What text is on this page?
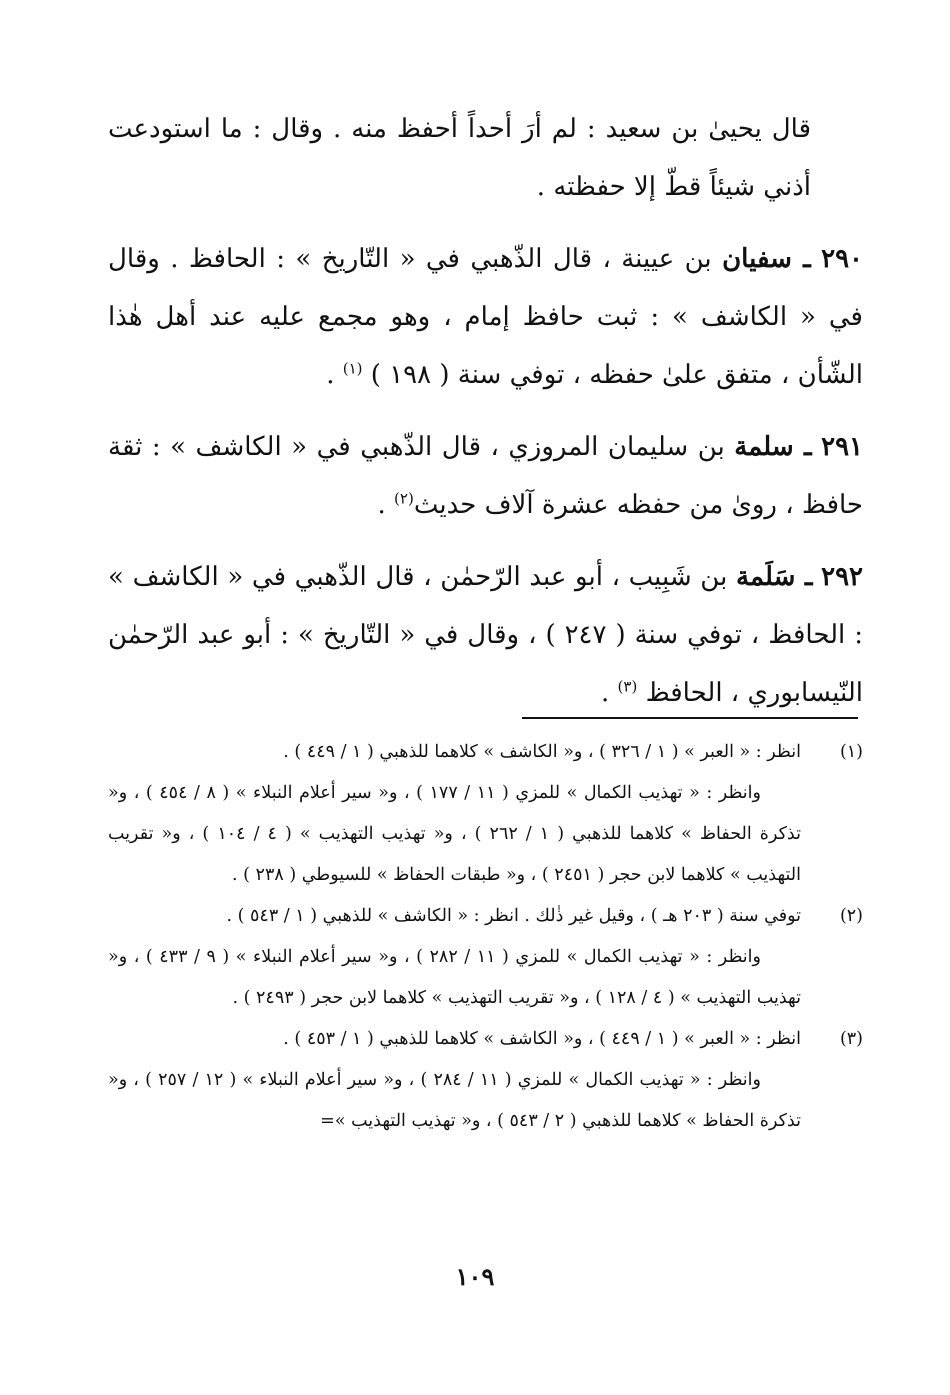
قال يحيىٰ بن سعيد : لم أرَ أحداً أحفظ منه . وقال : ما استودعت أذني شيئاً قطّ إلا حفظته .
٢٩٠ ـ سفيان بن عيينة ، قال الذّهبي في « التّاريخ » : الحافظ . وقال في « الكاشف » : ثبت حافظ إمام ، وهو مجمع عليه عند أهل هٰذا الشّأن ، متفق علىٰ حفظه ، توفي سنة ( ١٩٨ ) $^{(١)}$ .
٢٩١ ـ سلمة بن سليمان المروزي ، قال الذّهبي في « الكاشف » : ثقة حافظ ، روىٰ من حفظه عشرة آلاف حديث$^{(٢)}$ .
٢٩٢ ـ سَلَمة بن شَبِيب ، أبو عبد الرّحمٰن ، قال الذّهبي في « الكاشف » : الحافظ ، توفي سنة ( ٢٤٧ ) ، وقال في « التّاريخ » : أبو عبد الرّحمٰن النّيسابوري ، الحافظ $^{(٣)}$ .
(١)انظر : « العبر » ( ١ / ٣٢٦ ) ، و« الكاشف » كلاهما للذهبي ( ١ / ٤٤٩ ) .
وانظر : « تهذيب الكمال » للمزي ( ١١ / ١٧٧ ) ، و« سير أعلام النبلاء » ( ٨ / ٤٥٤ ) ، و« تذكرة الحفاظ » كلاهما للذهبي ( ١ / ٢٦٢ ) ، و« تهذيب التهذيب » ( ٤ / ١٠٤ ) ، و« تقريب التهذيب » كلاهما لابن حجر ( ٢٤٥١ ) ، و« طبقات الحفاظ » للسيوطي ( ٢٣٨ ) .
(٢)توفي سنة ( ٢٠٣ هـ ) ، وقيل غير ذٰلك . انظر : « الكاشف » للذهبي ( ١ / ٥٤٣ ) .
وانظر : « تهذيب الكمال » للمزي ( ١١ / ٢٨٢ ) ، و« سير أعلام النبلاء » ( ٩ / ٤٣٣ ) ، و« تهذيب التهذيب » ( ٤ / ١٢٨ ) ، و« تقريب التهذيب » كلاهما لابن حجر ( ٢٤٩٣ ) .
(٣)انظر : « العبر » ( ١ / ٤٤٩ ) ، و« الكاشف » كلاهما للذهبي ( ١ / ٤٥٣ ) .
وانظر : « تهذيب الكمال » للمزي ( ١١ / ٢٨٤ ) ، و« سير أعلام النبلاء » ( ١٢ / ٢٥٧ ) ، و« تذكرة الحفاظ » كلاهما للذهبي ( ٢ / ٥٤٣ ) ، و« تهذيب التهذيب »=
١٠٩
